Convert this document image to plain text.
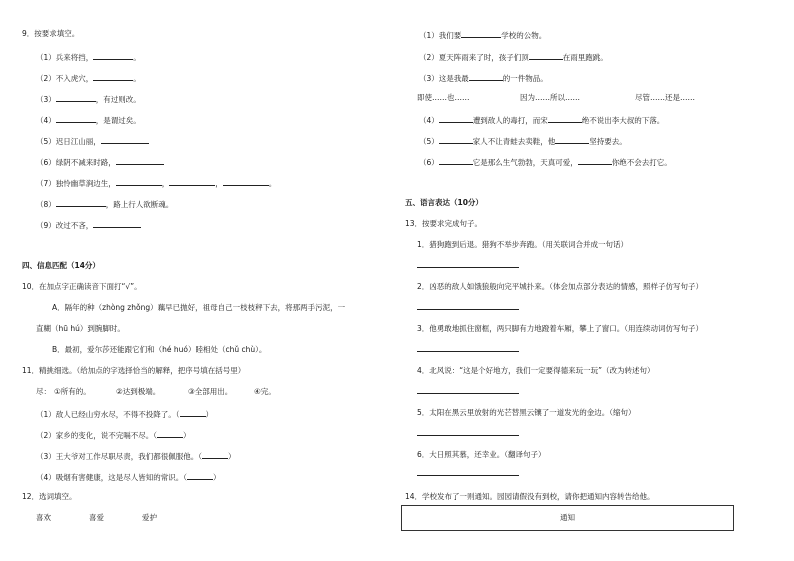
9．按要求填空。
（1）兵来将挡，	。
（2）不入虎穴，	。
（3）	，有过则改。
（4）	，是谓过矣。
（5）迟日江山丽，
（6）绿阴不减来时路，
（7）独怜幽草涧边生，	，	，	。
（8）	，路上行人欲断魂。
（9）改过不吝，
四、信息匹配（14分）
10．在加点字正确读音下面打“√”。
A．隔年的种（zhòng zhǒng）藕早已抛好，祖母自己一枝枝秤下去，将那两手污泥，一
直糊（hū hú）到腕脚时。
B．最初，爱尔莎还能跟它们和（hé huó）睦相处（chǔ chù）。
11．精挑细选。（给加点的字选择恰当的解释，把序号填在括号里）
尽： ①所有的。	②达到极端。	③全部用出。	④完。
（1）敌人已经山穷水尽，不得不投降了。（	）
（2）家乡的变化，说不完嗝不尽。（	）
（3）王大爷对工作尽职尽责，我们都很佩服他。（	）
（4）吸烟有害健康，这是尽人皆知的常识。（	）
12．选词填空。
喜欢	喜爱	爱护
（1）我们要	学校的公物。
（2）夏天阵雨来了时，孩子们顶	在雨里跑跳。
（3）这是我最	的一件物品。
即使……也……	因为……所以……	尽管……还是……
（4）	遭到敌人的毒打，而宋	绝不说出李大叔的下落。
（5）	家人不让青蛙去卖鞋，他	坚持要去。
（6）	它是那么生气勃勃，天真可爱，	你绝不会去打它。
五、语言表达（10分）
13．按要求完成句子。
1．猎狗跑到后退。猎狗不举步奔跑。（用关联词合并成一句话）
2．凶恶的敌人如饿狼般向完平城扑来。（体会加点部分表达的情感，照样子仿写句子）
3．他勇敢地抓住窗框，两只脚有力地蹬着车厢，攀上了窗口。（用连续动词仿写句子）
4．北风说：“这是个好地方，我们一定要得德来玩一玩”（改为转述句）
5．太阳在黑云里放射的光芒替黑云镶了一道发光的金边。（缩句）
6．大日照其慕，还幸业。（翻译句子）
14．学校发布了一则通知。园园请假没有到校，请你把通知内容转告给他。
通知
